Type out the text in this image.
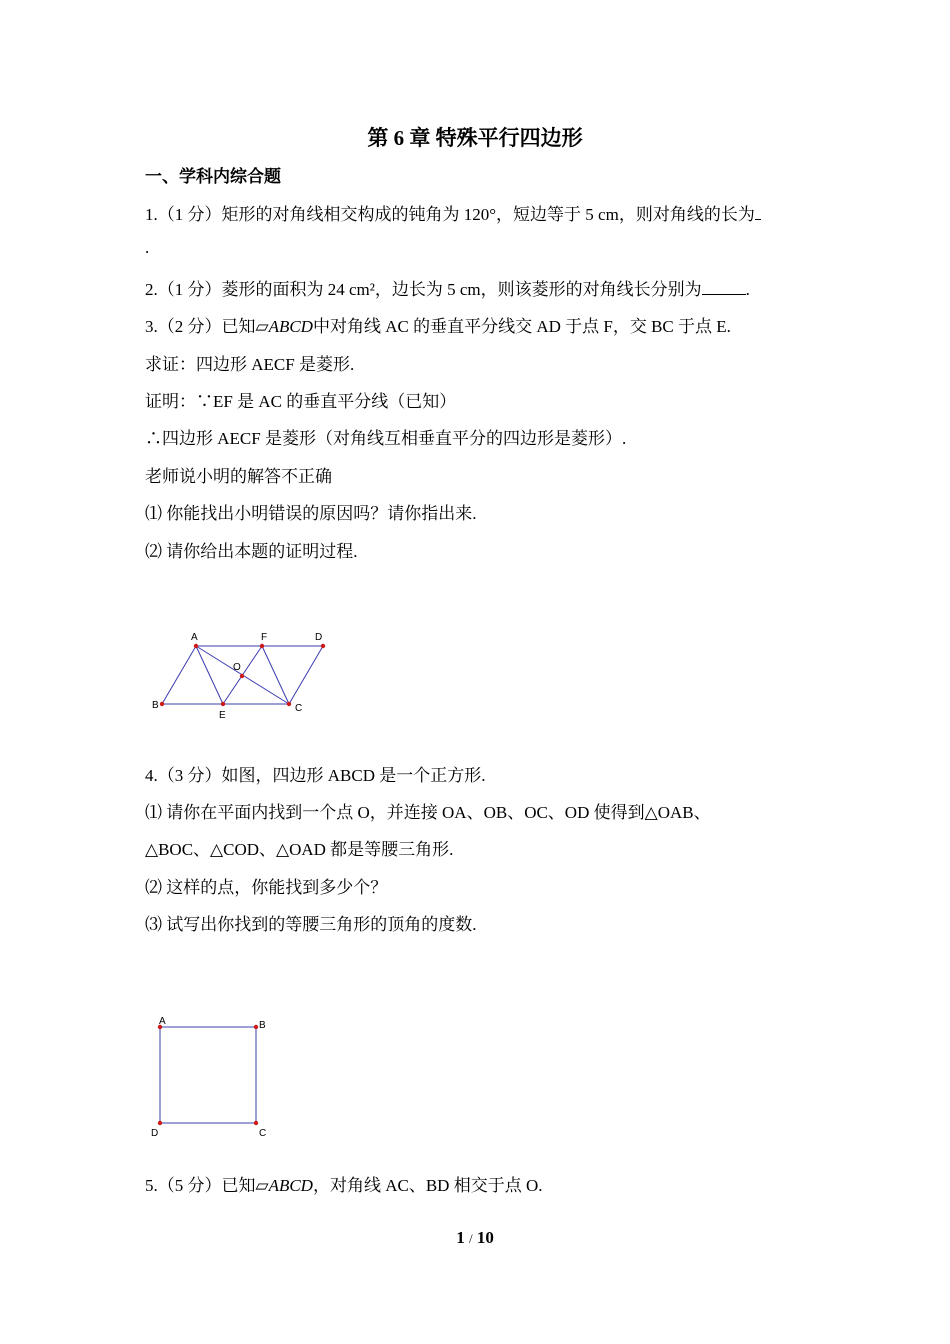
第 6 章 特殊平行四边形
一、学科内综合题
1.（1 分）矩形的对角线相交构成的钝角为 120°，短边等于 5 cm，则对角线的长为
.
2.（1 分）菱形的面积为 24 cm²，边长为 5 cm，则该菱形的对角线长分别为	.
3.（2 分）已知▱ABCD中对角线 AC 的垂直平分线交 AD 于点 F，交 BC 于点 E.
求证：四边形 AECF 是菱形.
证明：∵EF 是 AC 的垂直平分线（已知）
∴四边形 AECF 是菱形（对角线互相垂直平分的四边形是菱形）.
老师说小明的解答不正确
⑴ 你能找出小明错误的原因吗？请你指出来.
⑵ 请你给出本题的证明过程.
A	F	D
O
B
E
C
4.（3 分）如图，四边形 ABCD 是一个正方形.
⑴ 请你在平面内找到一个点 O，并连接 OA、OB、OC、OD 使得到△OAB、
△BOC、△COD、△OAD 都是等腰三角形.
⑵ 这样的点，你能找到多少个？
⑶ 试写出你找到的等腰三角形的顶角的度数.
A	B
C
D
5.（5 分）已知▱ABCD，对角线 AC、BD 相交于点 O.
1 / 10
